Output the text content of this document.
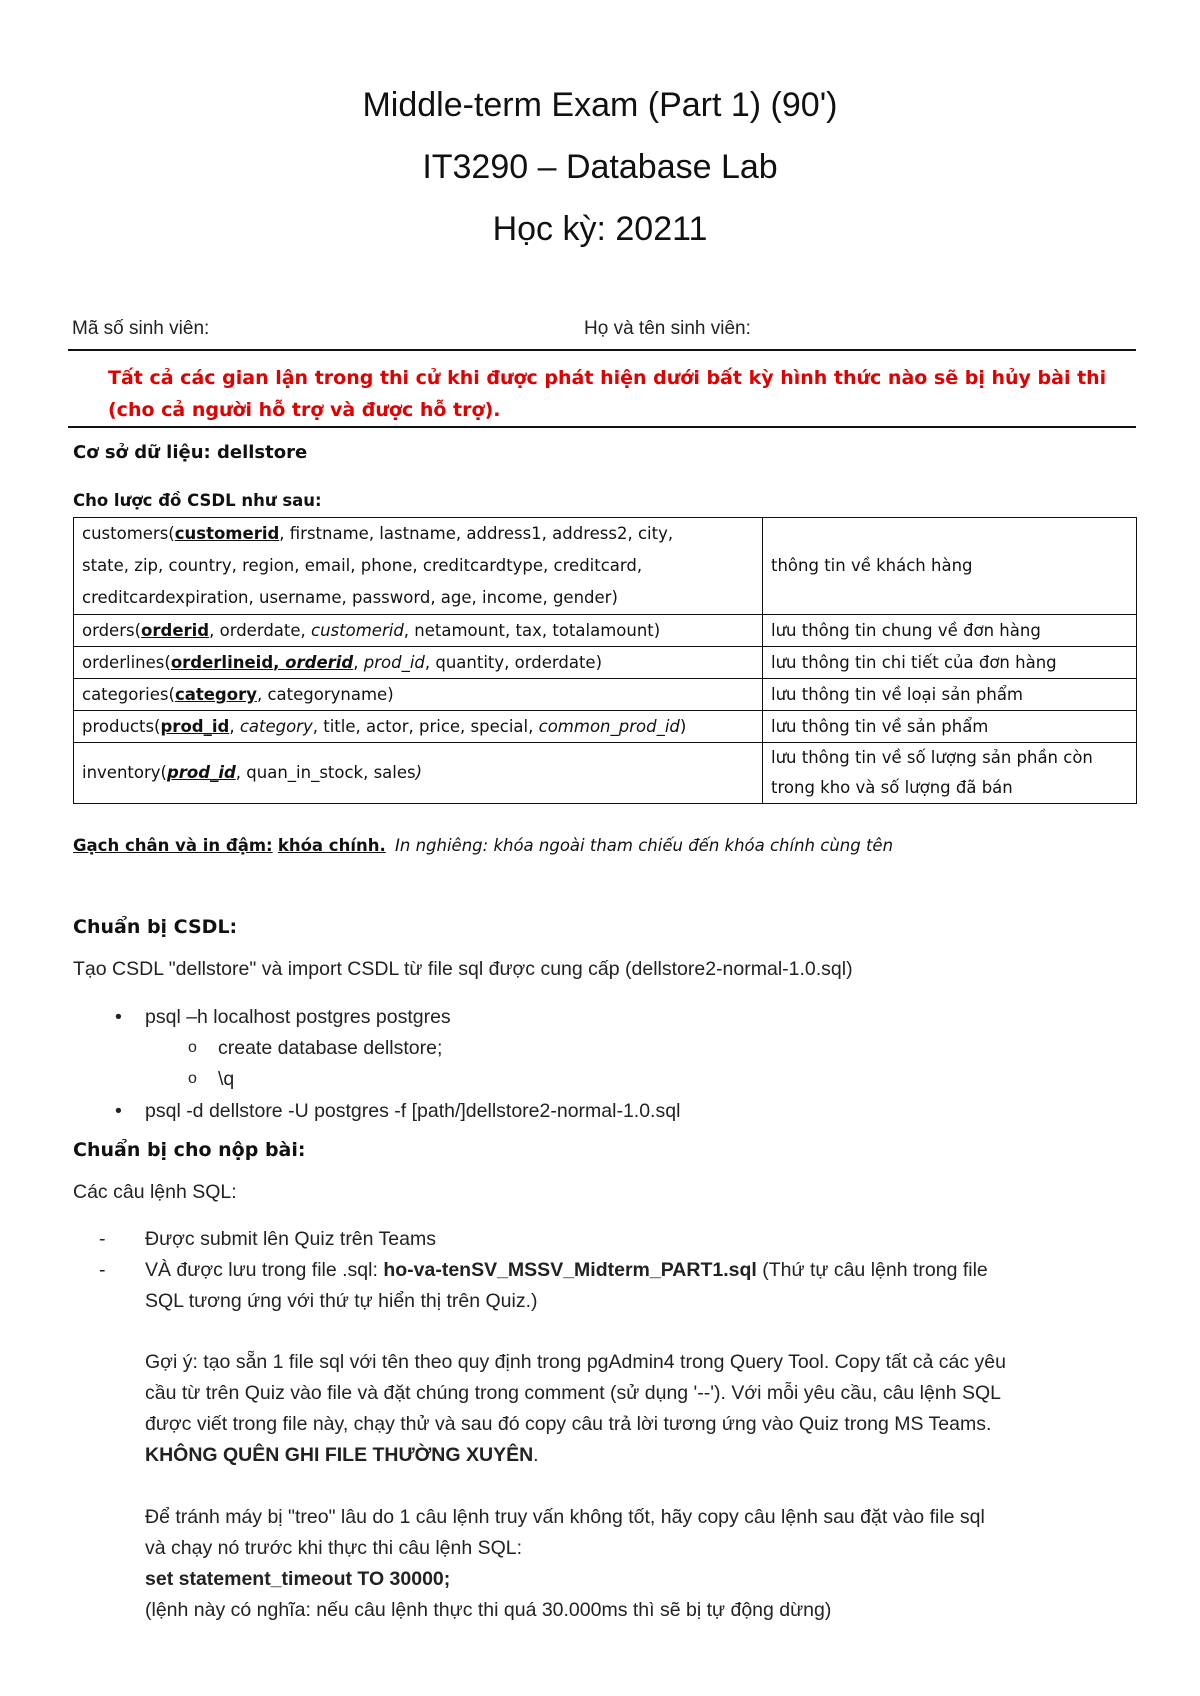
Middle-term Exam (Part 1) (90')
IT3290 – Database Lab
Học kỳ: 20211
Mã số sinh viên:	Họ và tên sinh viên:
Tất cả các gian lận trong thi cử khi được phát hiện dưới bất kỳ hình thức nào sẽ bị hủy bài thi
(cho cả người hỗ trợ và được hỗ trợ).
Cơ sở dữ liệu: dellstore
Cho lược đồ CSDL như sau:
customers(customerid, firstname, lastname, address1, address2, city,
state, zip, country, region, email, phone, creditcardtype, creditcard,
creditcardexpiration, username, password, age, income, gender)	thông tin về khách hàng
orders(orderid, orderdate, customerid, netamount, tax, totalamount)	lưu thông tin chung về đơn hàng
orderlines(orderlineid, orderid, prod_id, quantity, orderdate)	lưu thông tin chi tiết của đơn hàng
categories(category, categoryname)	lưu thông tin về loại sản phẩm
products(prod_id, category, title, actor, price, special, common_prod_id)	lưu thông tin về sản phẩm
inventory(prod_id, quan_in_stock, sales)	lưu thông tin về số lượng sản phần còn
trong kho và số lượng đã bán
Gạch chân và in đậm: khóa chính. In nghiêng: khóa ngoài tham chiếu đến khóa chính cùng tên
Chuẩn bị CSDL:
Tạo CSDL "dellstore" và import CSDL từ file sql được cung cấp (dellstore2-normal-1.0.sql)
• psql –h localhost postgres postgres
o create database dellstore;
o \q
• psql -d dellstore -U postgres -f [path/]dellstore2-normal-1.0.sql
Chuẩn bị cho nộp bài:
Các câu lệnh SQL:
- Được submit lên Quiz trên Teams
- VÀ được lưu trong file .sql: ho-va-tenSV_MSSV_Midterm_PART1.sql (Thứ tự câu lệnh trong file
SQL tương ứng với thứ tự hiển thị trên Quiz.)
Gợi ý: tạo sẵn 1 file sql với tên theo quy định trong pgAdmin4 trong Query Tool. Copy tất cả các yêu
cầu từ trên Quiz vào file và đặt chúng trong comment (sử dụng '--'). Với mỗi yêu cầu, câu lệnh SQL
được viết trong file này, chạy thử và sau đó copy câu trả lời tương ứng vào Quiz trong MS Teams.
KHÔNG QUÊN GHI FILE THƯỜNG XUYÊN.
Để tránh máy bị "treo" lâu do 1 câu lệnh truy vấn không tốt, hãy copy câu lệnh sau đặt vào file sql
và chạy nó trước khi thực thi câu lệnh SQL:
set statement_timeout TO 30000;
(lệnh này có nghĩa: nếu câu lệnh thực thi quá 30.000ms thì sẽ bị tự động dừng)
